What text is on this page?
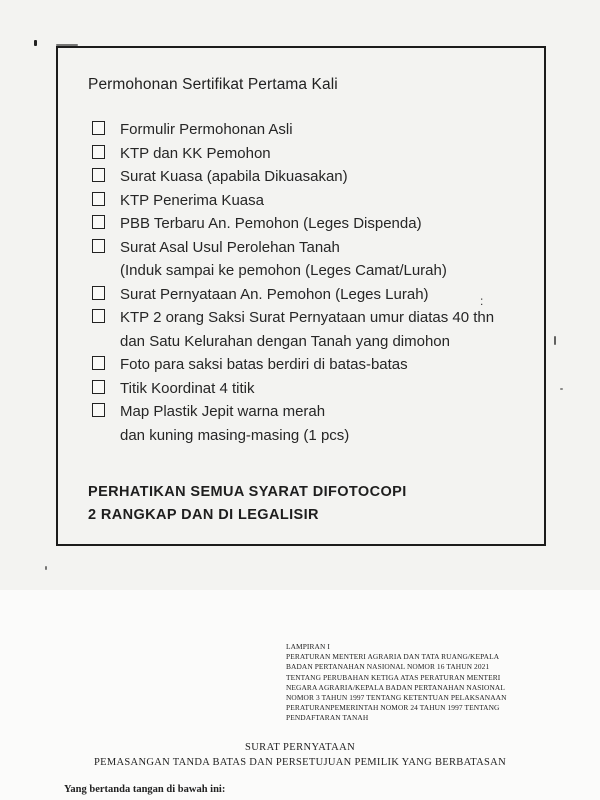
Permohonan Sertifikat Pertama Kali
Formulir Permohonan Asli
KTP dan KK Pemohon
Surat Kuasa (apabila Dikuasakan)
KTP Penerima Kuasa
PBB Terbaru An. Pemohon (Leges Dispenda)
Surat Asal Usul Perolehan Tanah
(Induk sampai ke pemohon (Leges Camat/Lurah)
Surat Pernyataan An. Pemohon (Leges Lurah)
KTP 2 orang Saksi Surat Pernyataan umur diatas 40 thn
dan Satu Kelurahan dengan Tanah yang dimohon
Foto para saksi batas berdiri di batas-batas
Titik Koordinat 4 titik
Map Plastik Jepit warna merah
dan kuning masing-masing (1 pcs)
:
PERHATIKAN SEMUA SYARAT DIFOTOCOPI
2 RANGKAP DAN DI LEGALISIR
LAMPIRAN I
PERATURAN MENTERI AGRARIA DAN TATA RUANG/KEPALA
BADAN PERTANAHAN NASIONAL NOMOR 16 TAHUN 2021
TENTANG PERUBAHAN KETIGA ATAS PERATURAN MENTERI
NEGARA AGRARIA/KEPALA BADAN PERTANAHAN NASIONAL
NOMOR 3 TAHUN 1997 TENTANG KETENTUAN PELAKSANAAN
PERATURANPEMERINTAH NOMOR 24 TAHUN 1997 TENTANG
PENDAFTARAN TANAH
SURAT PERNYATAAN
PEMASANGAN TANDA BATAS DAN PERSETUJUAN PEMILIK YANG BERBATASAN
Yang bertanda tangan di bawah ini:
